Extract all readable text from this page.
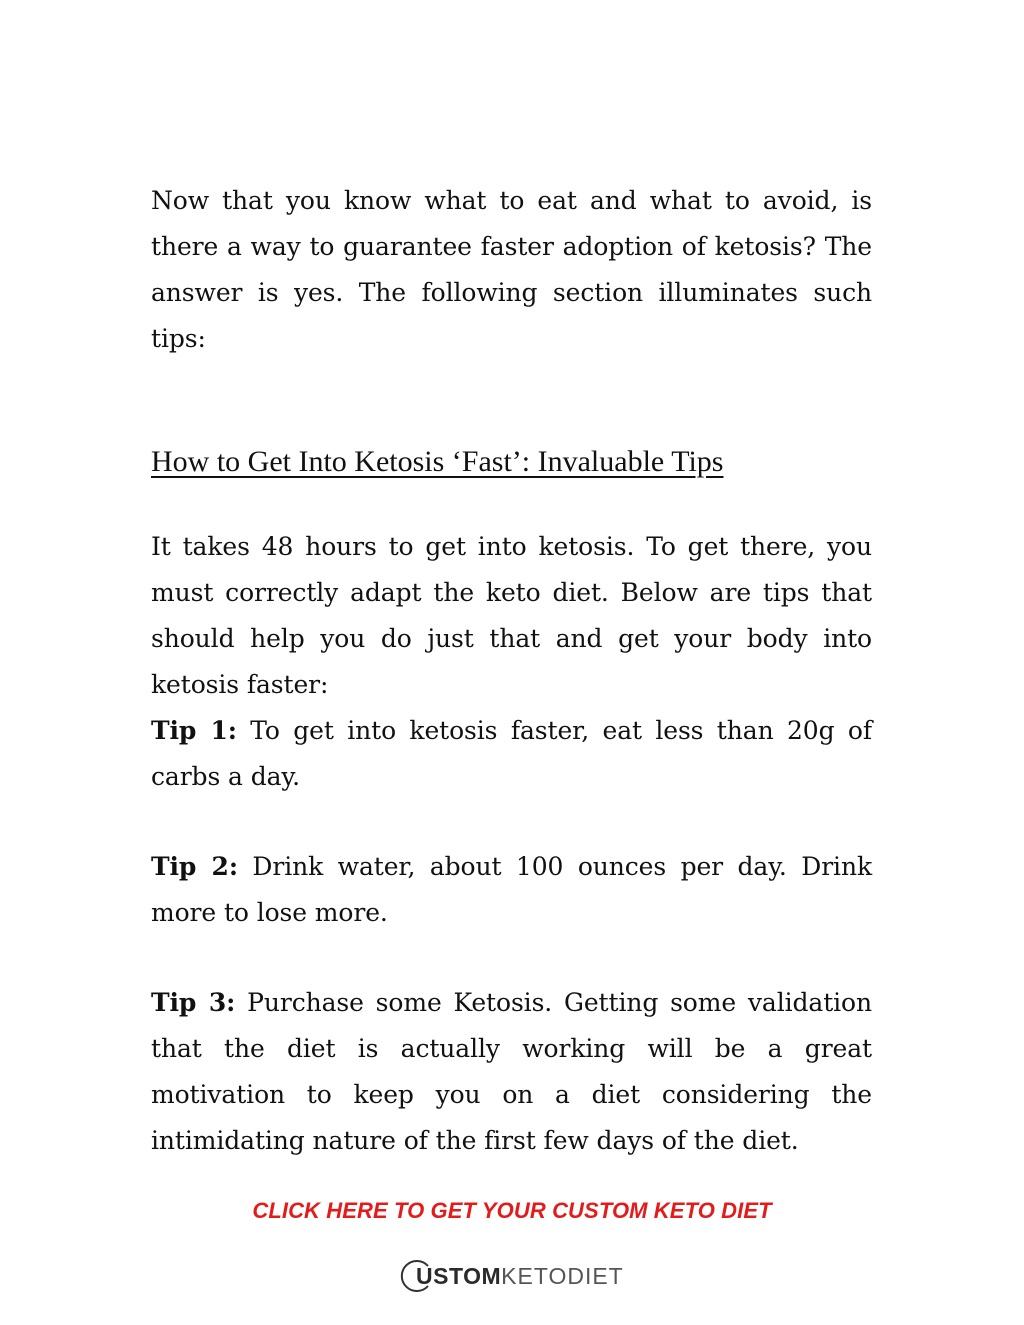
Now that you know what to eat and what to avoid, is there a way to guarantee faster adoption of ketosis? The answer is yes. The following section illuminates such tips:

How to Get Into Ketosis ‘Fast’: Invaluable Tips

It takes 48 hours to get into ketosis. To get there, you must correctly adapt the keto diet. Below are tips that should help you do just that and get your body into ketosis faster:

Tip 1: To get into ketosis faster, eat less than 20g of carbs a day.

Tip 2: Drink water, about 100 ounces per day. Drink more to lose more.

Tip 3: Purchase some Ketosis. Getting some validation that the diet is actually working will be a great motivation to keep you on a diet considering the intimidating nature of the first few days of the diet.

CLICK HERE TO GET YOUR CUSTOM KETO DIET
USTOM KETODIET
